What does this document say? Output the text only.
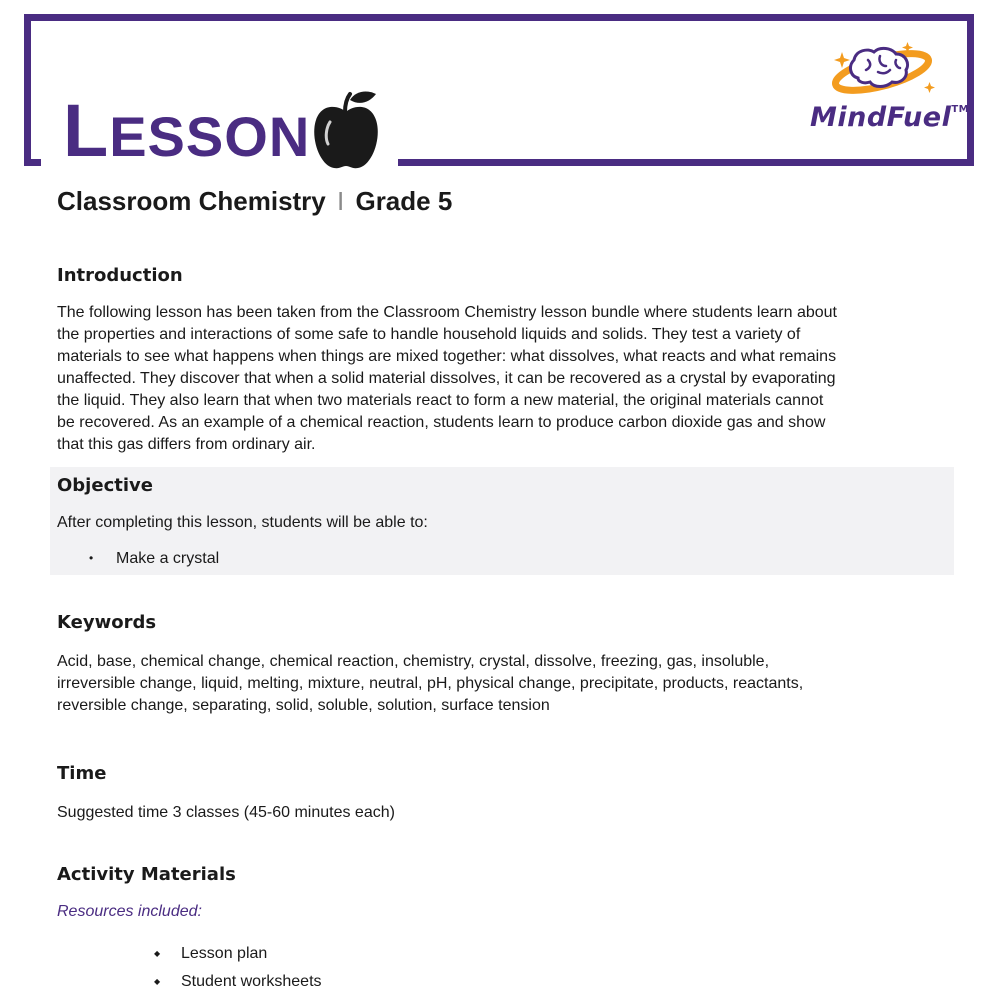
LESSON	MindFuel™
Classroom Chemistry I Grade 5
Introduction

The following lesson has been taken from the Classroom Chemistry lesson bundle where students learn about

the properties and interactions of some safe to handle household liquids and solids. They test a variety of

materials to see what happens when things are mixed together: what dissolves, what reacts and what remains

unaffected. They discover that when a solid material dissolves, it can be recovered as a crystal by evaporating

the liquid. They also learn that when two materials react to form a new material, the original materials cannot

be recovered. As an example of a chemical reaction, students learn to produce carbon dioxide gas and show

that this gas differs from ordinary air.

Objective

After completing this lesson, students will be able to:

• Make a crystal
Keywords

Acid, base, chemical change, chemical reaction, chemistry, crystal, dissolve, freezing, gas, insoluble,

irreversible change, liquid, melting, mixture, neutral, pH, physical change, precipitate, products, reactants,

reversible change, separating, solid, soluble, solution, surface tension

Time

Suggested time 3 classes (45-60 minutes each)

Activity Materials

Resources included:

◆ Lesson plan
◆ Student worksheets
